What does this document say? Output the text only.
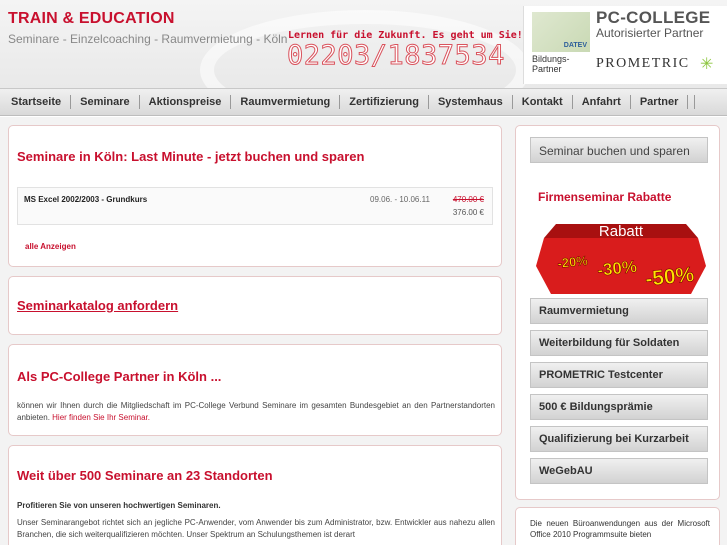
TRAIN & EDUCATION
Seminare - Einzelcoaching - Raumvermietung - Köln Lernen für die Zukunft. Es geht um Sie!
02203/1837534	DATEV
Bildungs-Partner
PC-COLLEGE
Autorisierter Partner
PROMETRIC ✳
Startseite	Seminare	Aktionspreise	Raumvermietung	Zertifizierung	Systemhaus	Kontakt	Anfahrt	Partner
Seminare in Köln: Last Minute - jetzt buchen und sparen
MS Excel 2002/2003 - Grundkurs	09.06. - 10.06.11	470.00 €
376.00 €
alle Anzeigen
Seminarkatalog anfordern
Als PC-College Partner in Köln ...
können wir Ihnen durch die Mitgliedschaft im PC-College Verbund Seminare im gesamten Bundesgebiet an den Partnerstandorten anbieten. Hier finden Sie Ihr Seminar.
Weit über 500 Seminare an 23 Standorten
Profitieren Sie von unseren hochwertigen Seminaren.
Unser Seminarangebot richtet sich an jegliche PC-Anwender, vom Anwender bis zum Administrator, bzw. Entwickler aus nahezu allen Branchen, die sich weiterqualifizieren möchten. Unser Spektrum an Schulungsthemen ist derart
Seminar buchen und sparen
Firmenseminar Rabatte
Rabatt
-20% -30% -50%
Raumvermietung
Weiterbildung für Soldaten
PROMETRIC Testcenter
500 € Bildungsprämie
Qualifizierung bei Kurzarbeit
WeGebAU
Die neuen Büroanwendungen aus der Microsoft Office 2010 Programmsuite bieten
